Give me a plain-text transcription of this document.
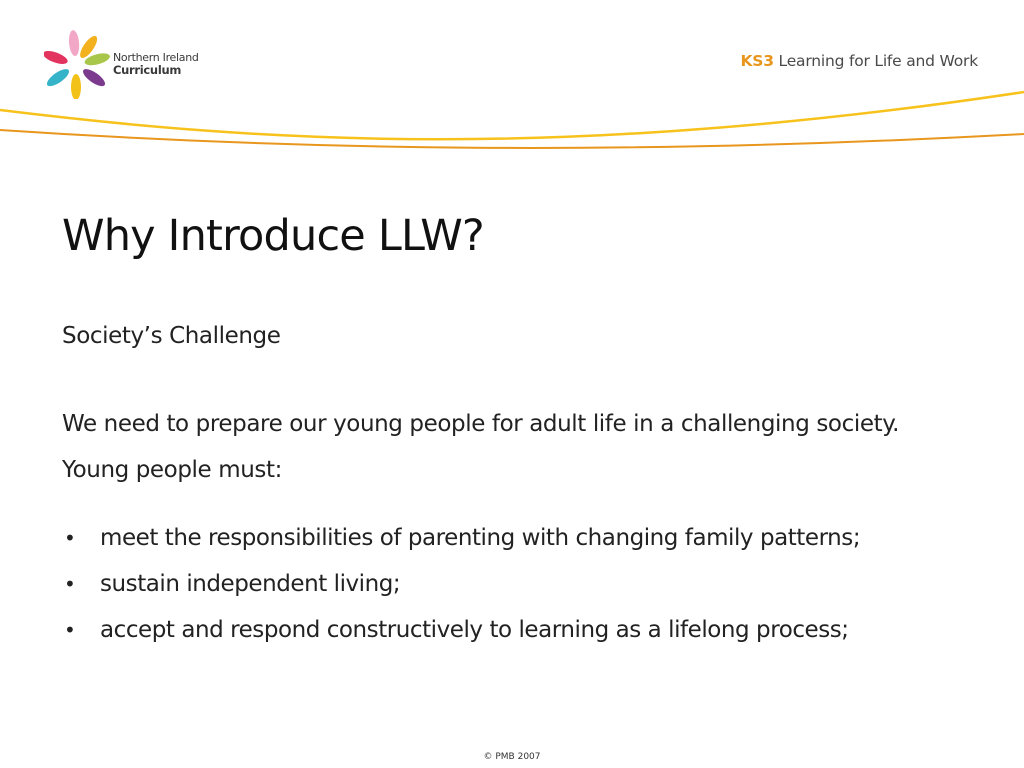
Northern Ireland
Curriculum	KS3 Learning for Life and Work
Why Introduce LLW?

Society’s Challenge

We need to prepare our young people for adult life in a challenging society. Young people must:

• meet the responsibilities of parenting with changing family patterns;
• sustain independent living;
• accept and respond constructively to learning as a lifelong process;
© PMB 2007
